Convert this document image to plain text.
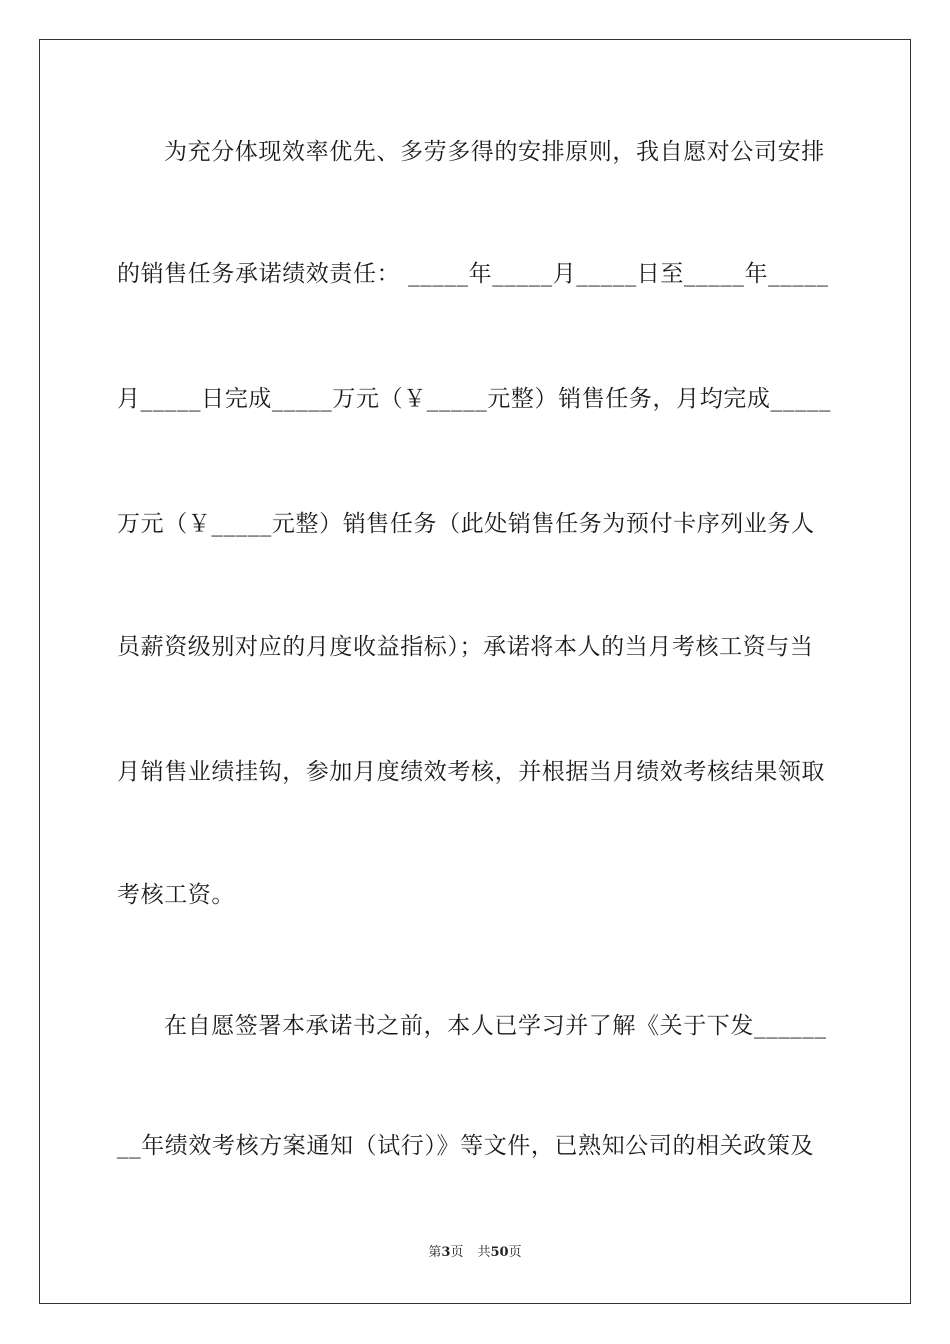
为充分体现效率优先、多劳多得的安排原则，我自愿对公司安排
的销售任务承诺绩效责任： _____年_____月_____日至_____年_____
月_____日完成_____万元（￥_____元整）销售任务，月均完成_____
万元（￥_____元整）销售任务（此处销售任务为预付卡序列业务人
员薪资级别对应的月度收益指标）；承诺将本人的当月考核工资与当
月销售业绩挂钩，参加月度绩效考核，并根据当月绩效考核结果领取
考核工资。
在自愿签署本承诺书之前，本人已学习并了解《关于下发______
__年绩效考核方案通知（试行）》等文件，已熟知公司的相关政策及
第3页 共50页
